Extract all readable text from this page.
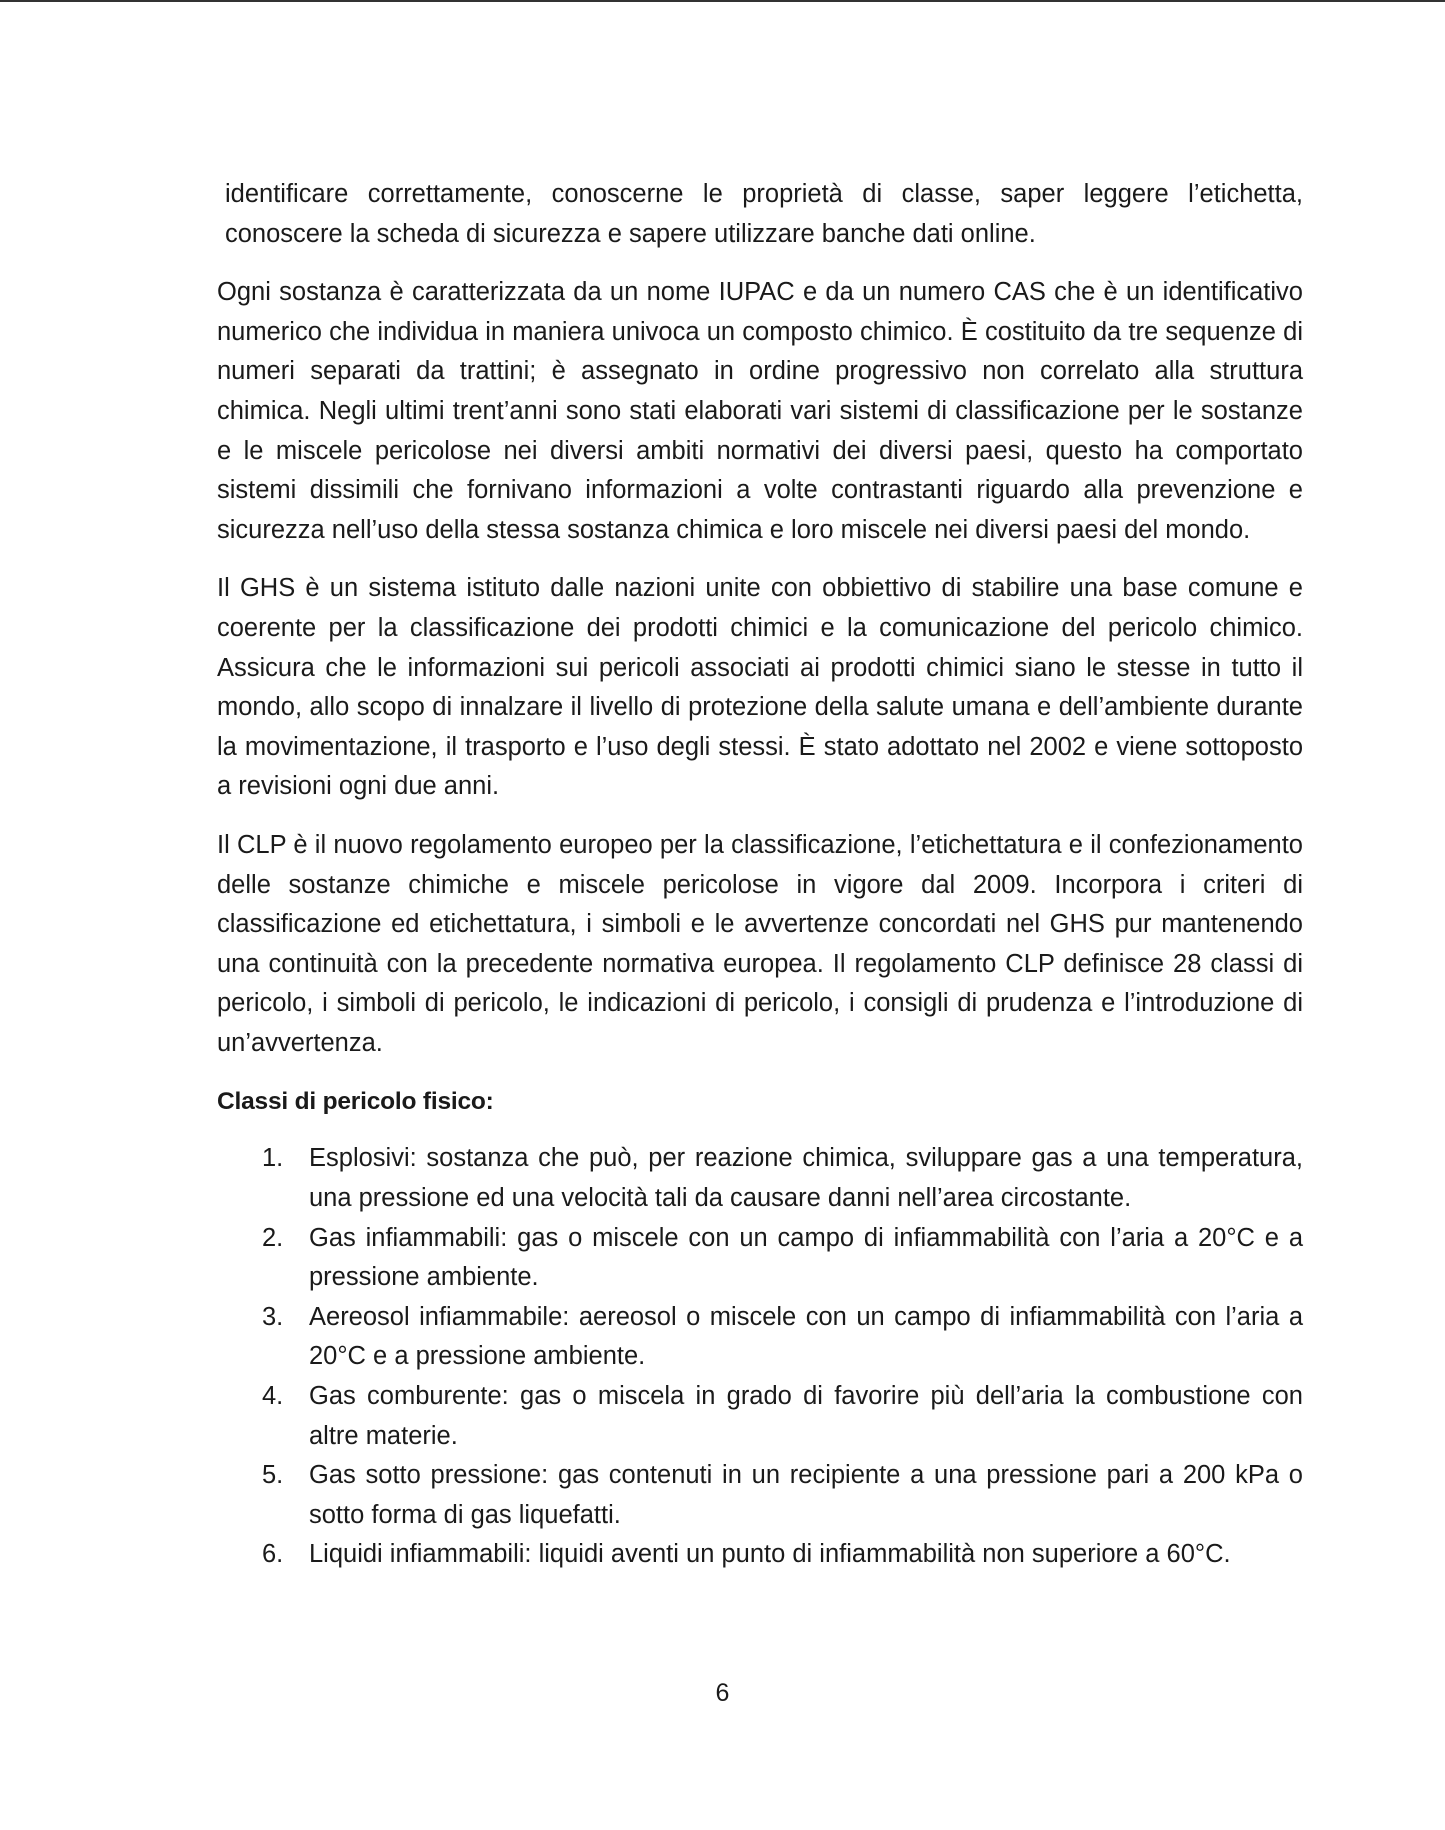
identificare correttamente, conoscerne le proprietà di classe, saper leggere l’etichetta, conoscere la scheda di sicurezza e sapere utilizzare banche dati online.

Ogni sostanza è caratterizzata da un nome IUPAC e da un numero CAS che è un identificativo numerico che individua in maniera univoca un composto chimico. È costituito da tre sequenze di numeri separati da trattini; è assegnato in ordine progressivo non correlato alla struttura chimica. Negli ultimi trent’anni sono stati elaborati vari sistemi di classificazione per le sostanze e le miscele pericolose nei diversi ambiti normativi dei diversi paesi, questo ha comportato sistemi dissimili che fornivano informazioni a volte contrastanti riguardo alla prevenzione e sicurezza nell’uso della stessa sostanza chimica e loro miscele nei diversi paesi del mondo.

Il GHS è un sistema istituto dalle nazioni unite con obbiettivo di stabilire una base comune e coerente per la classificazione dei prodotti chimici e la comunicazione del pericolo chimico. Assicura che le informazioni sui pericoli associati ai prodotti chimici siano le stesse in tutto il mondo, allo scopo di innalzare il livello di protezione della salute umana e dell’ambiente durante la movimentazione, il trasporto e l’uso degli stessi. È stato adottato nel 2002 e viene sottoposto a revisioni ogni due anni.

Il CLP è il nuovo regolamento europeo per la classificazione, l’etichettatura e il confezionamento delle sostanze chimiche e miscele pericolose in vigore dal 2009. Incorpora i criteri di classificazione ed etichettatura, i simboli e le avvertenze concordati nel GHS pur mantenendo una continuità con la precedente normativa europea. Il regolamento CLP definisce 28 classi di pericolo, i simboli di pericolo, le indicazioni di pericolo, i consigli di prudenza e l’introduzione di un’avvertenza.

Classi di pericolo fisico:
1.	Esplosivi: sostanza che può, per reazione chimica, sviluppare gas a una temperatura, una pressione ed una velocità tali da causare danni nell’area circostante.
2.	Gas infiammabili: gas o miscele con un campo di infiammabilità con l’aria a 20°C e a pressione ambiente.
3.	Aereosol infiammabile: aereosol o miscele con un campo di infiammabilità con l’aria a 20°C e a pressione ambiente.
4.	Gas comburente: gas o miscela in grado di favorire più dell’aria la combustione con altre materie.
5.	Gas sotto pressione: gas contenuti in un recipiente a una pressione pari a 200 kPa o sotto forma di gas liquefatti.
6.	Liquidi infiammabili: liquidi aventi un punto di infiammabilità non superiore a 60°C.
6
